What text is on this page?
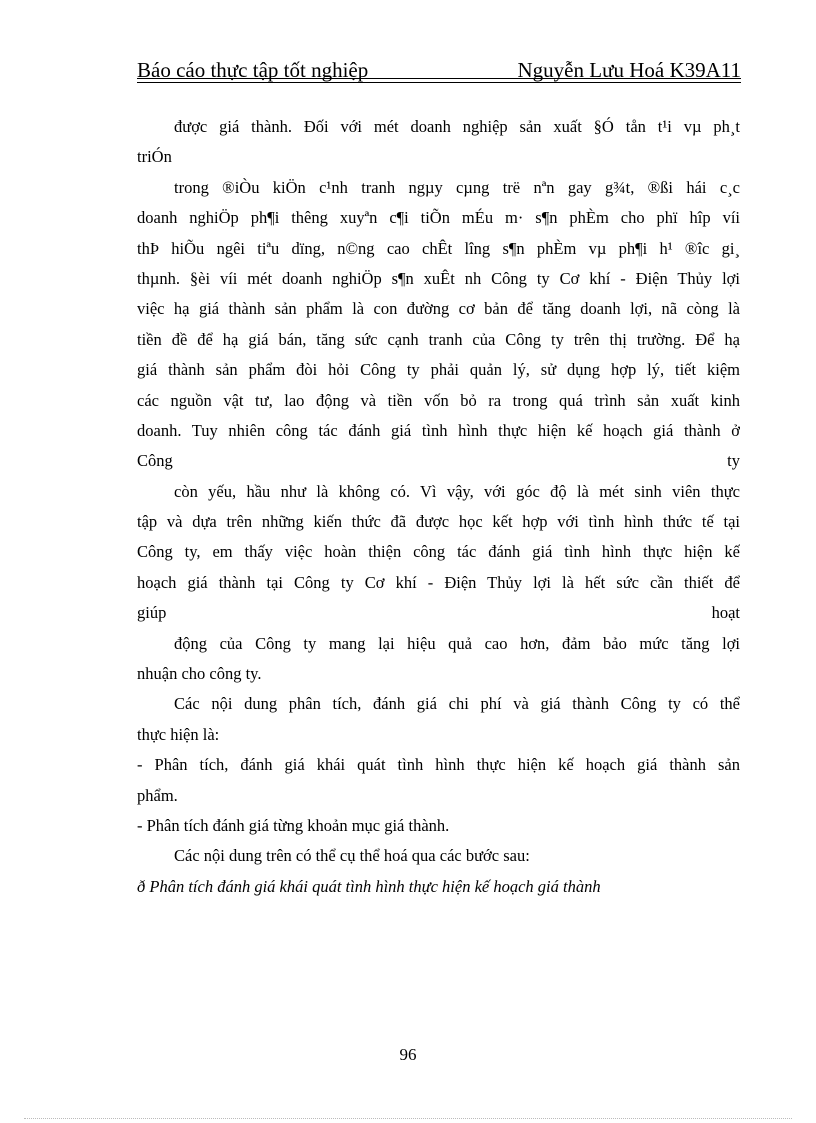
Báo cáo thực tập tốt nghiệp	Nguyễn Lưu Hoá K39A11
được giá thành. Đối với mét doanh nghiệp sản xuất §Ó tån t¹i vµ ph¸t
triÓn
trong ®iÒu kiÖn c¹nh tranh ngµy cµng trë nªn gay g¾t, ®ßi hái c¸c
doanh nghiÖp ph¶i thêng xuyªn c¶i tiÕn mÉu m· s¶n phÈm cho phï hîp víi
thÞ hiÕu ngêi tiªu dïng, n©ng cao chÊt lîng s¶n phÈm vµ ph¶i h¹ ®îc gi¸
thµnh. §èi víi mét doanh nghiÖp s¶n xuÊt nh Công ty Cơ khí - Điện Thủy lợi
việc hạ giá thành sản phẩm là con đường cơ bản để tăng doanh lợi, nã còng là
tiền đề để hạ giá bán, tăng sức cạnh tranh của Công ty trên thị trường. Để hạ
giá thành sản phẩm đòi hỏi Công ty phải quản lý, sử dụng hợp lý, tiết kiệm
các nguồn vật tư, lao động và tiền vốn bỏ ra trong quá trình sản xuất kinh
doanh. Tuy nhiên công tác đánh giá tình hình thực hiện kế hoạch giá thành ở
Công ty
còn yếu, hầu như là không có. Vì vậy, với góc độ là mét sinh viên thực
tập và dựa trên những kiến thức đã được học kết hợp với tình hình thức tế tại
Công ty, em thấy việc hoàn thiện công tác đánh giá tình hình thực hiện kế
hoạch giá thành tại Công ty Cơ khí - Điện Thủy lợi là hết sức cần thiết để
giúp hoạt
động của Công ty mang lại hiệu quả cao hơn, đảm bảo mức tăng lợi
nhuận cho công ty.
Các nội dung phân tích, đánh giá chi phí và giá thành Công ty có thể
thực hiện là:
- Phân tích, đánh giá khái quát tình hình thực hiện kế hoạch giá thành sản
phẩm.
- Phân tích đánh giá từng khoản mục giá thành.
Các nội dung trên có thể cụ thể hoá qua các bước sau:
ð Phân tích đánh giá khái quát tình hình thực hiện kế hoạch giá thành
96
